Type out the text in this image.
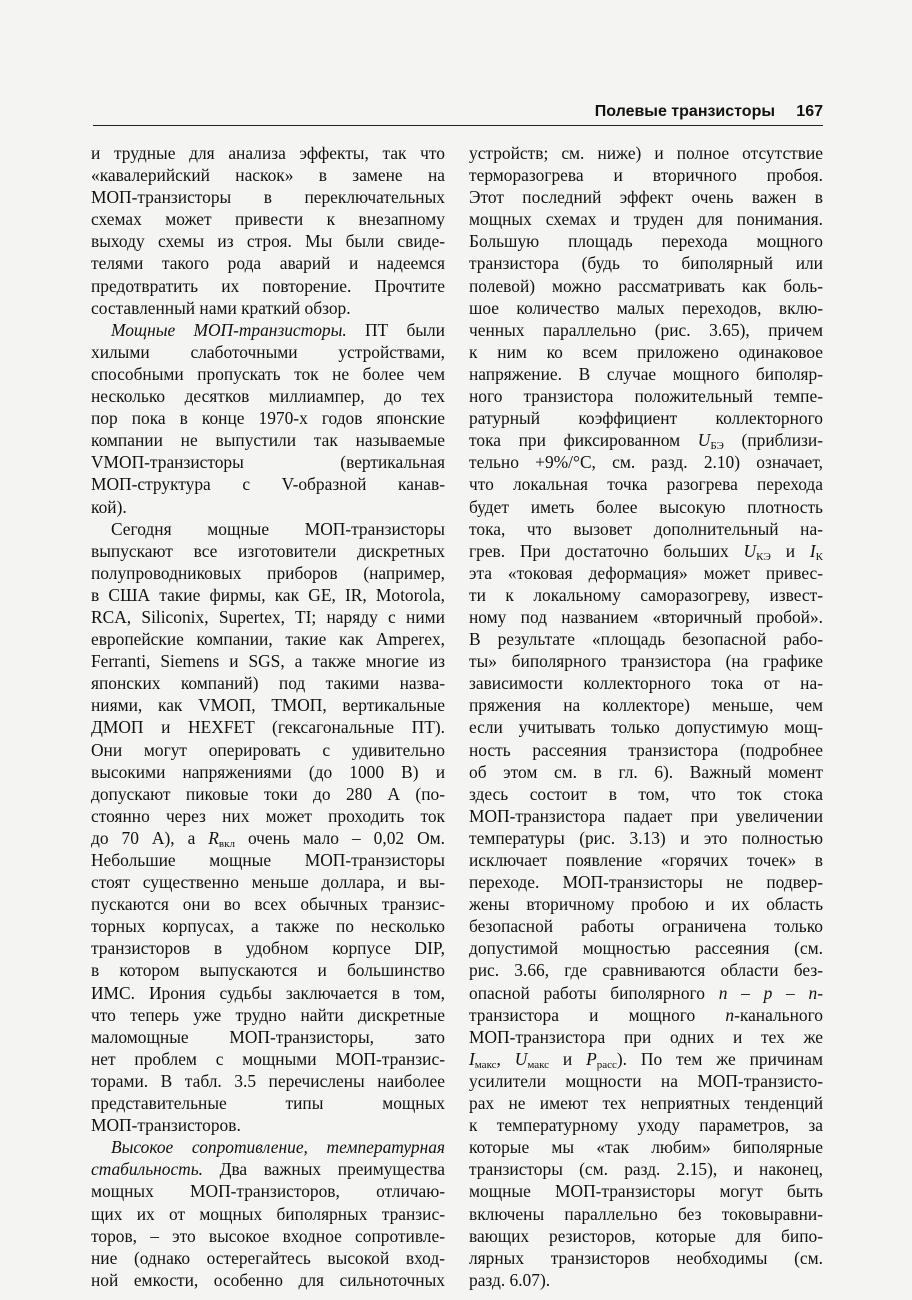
Полевые транзисторы 167

и трудные для анализа эффекты, так что
«кавалерийский наскок» в замене на
МОП-транзисторы в переключательных
схемах может привести к внезапному
выходу схемы из строя. Мы были свиде-
телями такого рода аварий и надеемся
предотвратить их повторение. Прочтите
составленный нами краткий обзор.

Мощные МОП-транзисторы. ПТ были
хилыми слаботочными устройствами,
способными пропускать ток не более чем
несколько десятков миллиампер, до тех
пор пока в конце 1970-х годов японские
компании не выпустили так называемые
VМОП-транзисторы (вертикальная
МОП-структура с V-образной канав-
кой).

Сегодня мощные МОП-транзисторы
выпускают все изготовители дискретных
полупроводниковых приборов (например,
в США такие фирмы, как GE, IR, Motorola,
RCA, Siliconix, Supertex, TI; наряду с ними
европейские компании, такие как Amperex,
Ferranti, Siemens и SGS, а также многие из
японских компаний) под такими назва-
ниями, как VМОП, ТМОП, вертикальные
ДМОП и HEXFET (гексагональные ПТ).
Они могут оперировать с удивительно
высокими напряжениями (до 1000 В) и
допускают пиковые токи до 280 А (по-
стоянно через них может проходить ток
до 70 А), а $R_{вкл}$ очень мало – 0,02 Ом.
Небольшие мощные МОП-транзисторы
стоят существенно меньше доллара, и вы-
пускаются они во всех обычных транзис-
торных корпусах, а также по несколько
транзисторов в удобном корпусе DIP,
в котором выпускаются и большинство
ИМС. Ирония судьбы заключается в том,
что теперь уже трудно найти дискретные
маломощные МОП-транзисторы, зато
нет проблем с мощными МОП-транзис-
торами. В табл. 3.5 перечислены наиболее
представительные типы мощных
МОП-транзисторов.

Высокое сопротивление, температурная
стабильность. Два важных преимущества
мощных МОП-транзисторов, отличаю-
щих их от мощных биполярных транзис-
торов, – это высокое входное сопротивле-
ние (однако остерегайтесь высокой вход-
ной емкости, особенно для сильноточных

устройств; см. ниже) и полное отсутствие
терморазогрева и вторичного пробоя.
Этот последний эффект очень важен в
мощных схемах и труден для понимания.
Большую площадь перехода мощного
транзистора (будь то биполярный или
полевой) можно рассматривать как боль-
шое количество малых переходов, вклю-
ченных параллельно (рис. 3.65), причем
к ним ко всем приложено одинаковое
напряжение. В случае мощного биполяр-
ного транзистора положительный темпе-
ратурный коэффициент коллекторного
тока при фиксированном $U_{БЭ}$ (приблизи-
тельно +9%/°С, см. разд. 2.10) означает,
что локальная точка разогрева перехода
будет иметь более высокую плотность
тока, что вызовет дополнительный на-
грев. При достаточно больших $U_{КЭ}$ и $I_К$
эта «токовая деформация» может привес-
ти к локальному саморазогреву, извест-
ному под названием «вторичный пробой».
В результате «площадь безопасной рабо-
ты» биполярного транзистора (на графике
зависимости коллекторного тока от на-
пряжения на коллекторе) меньше, чем
если учитывать только допустимую мощ-
ность рассеяния транзистора (подробнее
об этом см. в гл. 6). Важный момент
здесь состоит в том, что ток стока
МОП-транзистора падает при увеличении
температуры (рис. 3.13) и это полностью
исключает появление «горячих точек» в
переходе. МОП-транзисторы не подвер-
жены вторичному пробою и их область
безопасной работы ограничена только
допустимой мощностью рассеяния (см.
рис. 3.66, где сравниваются области без-
опасной работы биполярного n – p – n-
транзистора и мощного n-канального
МОП-транзистора при одних и тех же
$I_{макс}$, $U_{макс}$ и $P_{расс}$). По тем же причинам
усилители мощности на МОП-транзисто-
рах не имеют тех неприятных тенденций
к температурному уходу параметров, за
которые мы «так любим» биполярные
транзисторы (см. разд. 2.15), и наконец,
мощные МОП-транзисторы могут быть
включены параллельно без токовыравни-
вающих резисторов, которые для бипо-
лярных транзисторов необходимы (см.
разд. 6.07).
